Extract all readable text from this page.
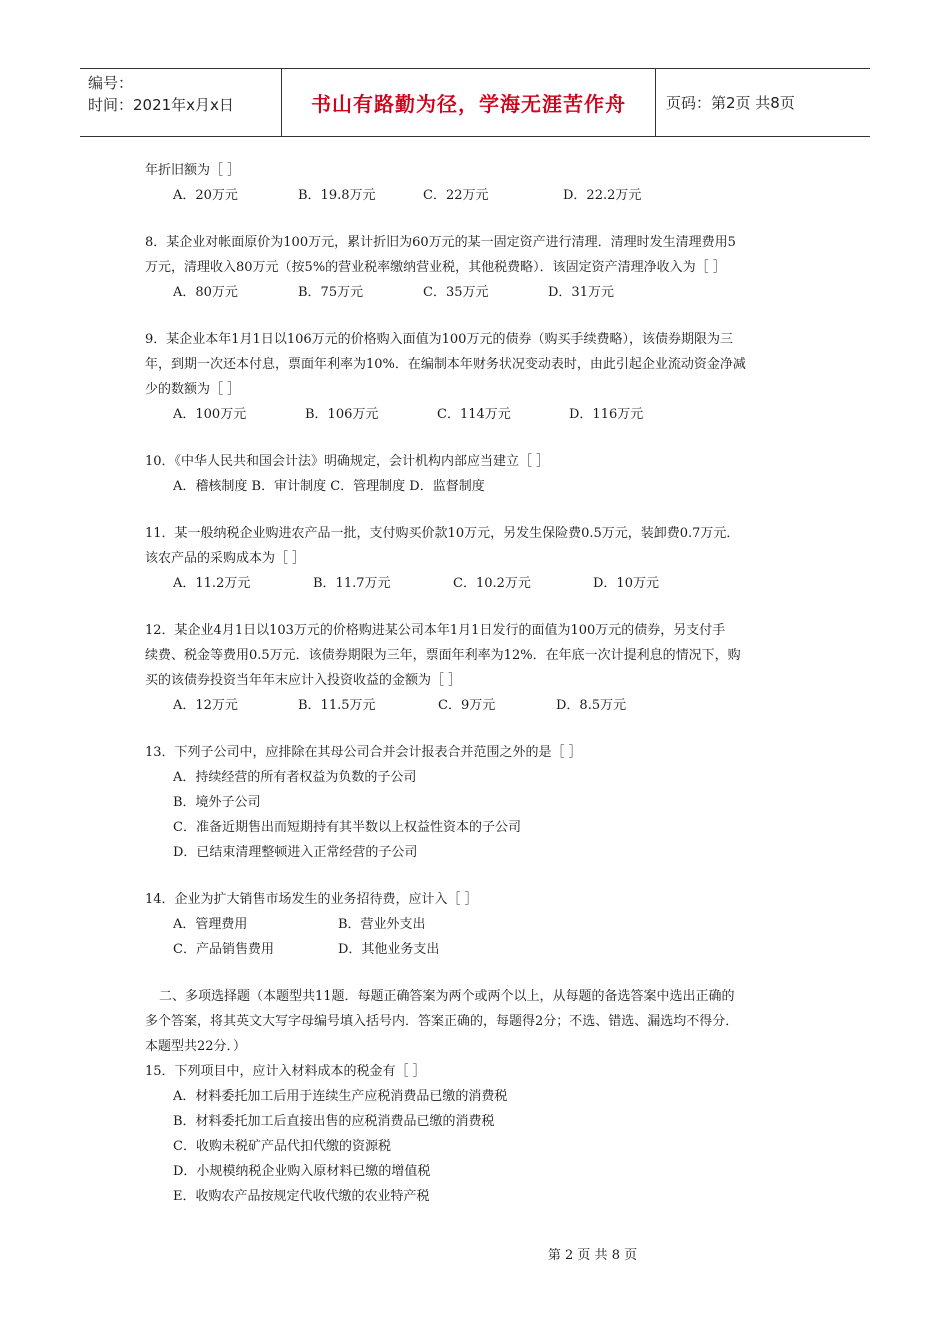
编号：
时间：2021年x月x日	书山有路勤为径，学海无涯苦作舟	页码：第2页 共8页
年折旧额为［ ］
A．20万元	B．19.8万元	C．22万元	D．22.2万元
8．某企业对帐面原价为100万元，累计折旧为60万元的某一固定资产进行清理．清理时发生清理费用5
万元，清理收入80万元（按5%的营业税率缴纳营业税，其他税费略）．该固定资产清理净收入为［ ］
A．80万元	B．75万元	C．35万元	D．31万元
9．某企业本年1月1日以106万元的价格购入面值为100万元的债券（购买手续费略），该债券期限为三
年，到期一次还本付息，票面年利率为10%．在编制本年财务状况变动表时，由此引起企业流动资金净减
少的数额为［ ］
A．100万元	B．106万元	C．114万元	D．116万元
10．《中华人民共和国会计法》明确规定，会计机构内部应当建立［ ］
A．稽核制度 B．审计制度 C．管理制度 D．监督制度
11．某一般纳税企业购进农产品一批，支付购买价款10万元，另发生保险费0.5万元，装卸费0.7万元．
该农产品的采购成本为［ ］
A．11.2万元	B．11.7万元	C．10.2万元	D．10万元
12．某企业4月1日以103万元的价格购进某公司本年1月1日发行的面值为100万元的债券，另支付手
续费、税金等费用0.5万元．该债券期限为三年，票面年利率为12%．在年底一次计提利息的情况下，购
买的该债券投资当年年末应计入投资收益的金额为［ ］
A．12万元	B．11.5万元	C．9万元	D．8.5万元
13．下列子公司中，应排除在其母公司合并会计报表合并范围之外的是［ ］
A．持续经营的所有者权益为负数的子公司
B．境外子公司
C．准备近期售出而短期持有其半数以上权益性资本的子公司
D．已结束清理整顿进入正常经营的子公司
14．企业为扩大销售市场发生的业务招待费，应计入［ ］
A．管理费用	B．营业外支出
C．产品销售费用	D．其他业务支出
二、多项选择题（本题型共11题．每题正确答案为两个或两个以上，从每题的备选答案中选出正确的
多个答案，将其英文大写字母编号填入括号内．答案正确的，每题得2分；不选、错选、漏选均不得分．
本题型共22分．）
15．下列项目中，应计入材料成本的税金有［ ］
A．材料委托加工后用于连续生产应税消费品已缴的消费税
B．材料委托加工后直接出售的应税消费品已缴的消费税
C．收购未税矿产品代扣代缴的资源税
D．小规模纳税企业购入原材料已缴的增值税
E．收购农产品按规定代收代缴的农业特产税
第 2 页 共 8 页
